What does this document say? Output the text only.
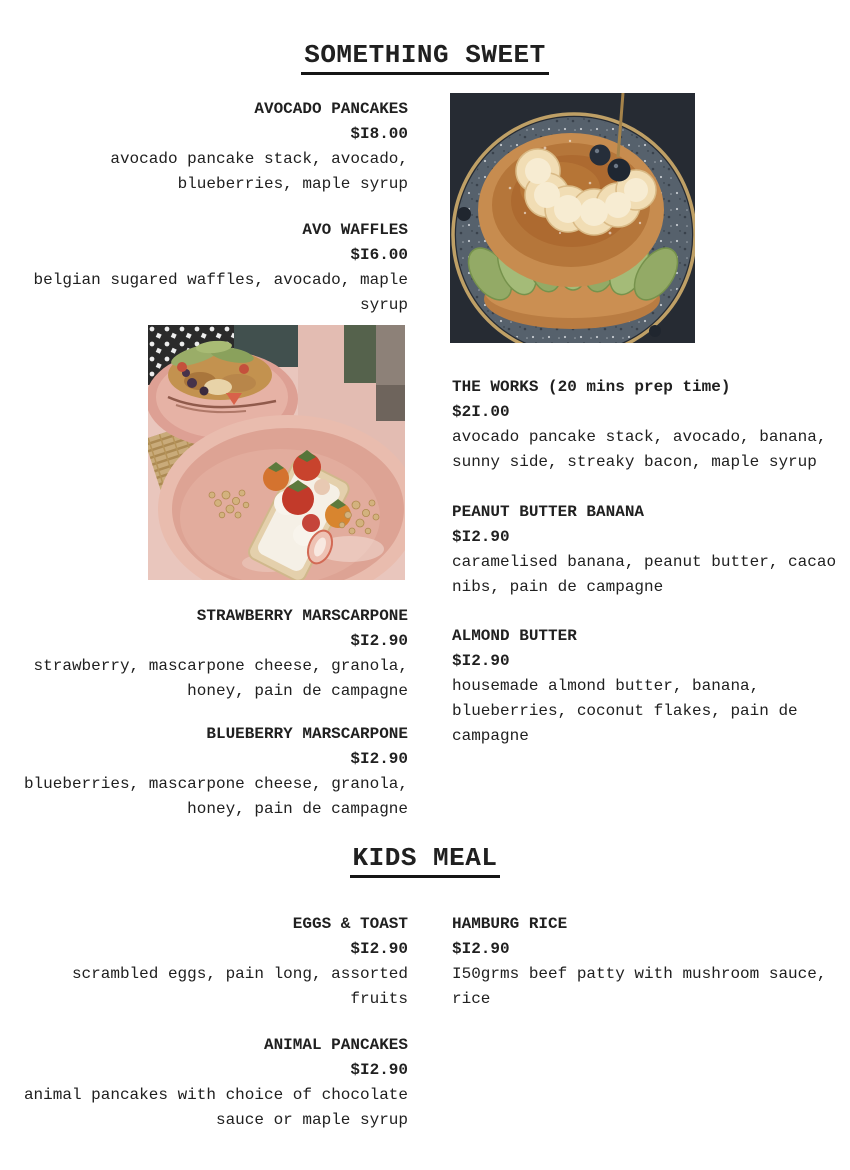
SOMETHING SWEET
AVOCADO PANCAKES
$I8.00
avocado pancake stack, avocado, blueberries, maple syrup
AVO WAFFLES
$I6.00
belgian sugared waffles, avocado, maple syrup
STRAWBERRY MARSCARPONE
$I2.90
strawberry, mascarpone cheese, granola, honey, pain de campagne
BLUEBERRY MARSCARPONE
$I2.90
blueberries, mascarpone cheese, granola, honey, pain de campagne
THE WORKS (20 mins prep time)
$2I.00
avocado pancake stack, avocado, banana, sunny side, streaky bacon, maple syrup
PEANUT BUTTER BANANA
$I2.90
caramelised banana, peanut butter, cacao nibs, pain de campagne
ALMOND BUTTER
$I2.90
housemade almond butter, banana, blueberries, coconut flakes, pain de campagne
KIDS MEAL
EGGS & TOAST
$I2.90
scrambled eggs, pain long, assorted fruits
HAMBURG RICE
$I2.90
I50grms beef patty with mushroom sauce, rice
ANIMAL PANCAKES
$I2.90
animal pancakes with choice of chocolate sauce or maple syrup
